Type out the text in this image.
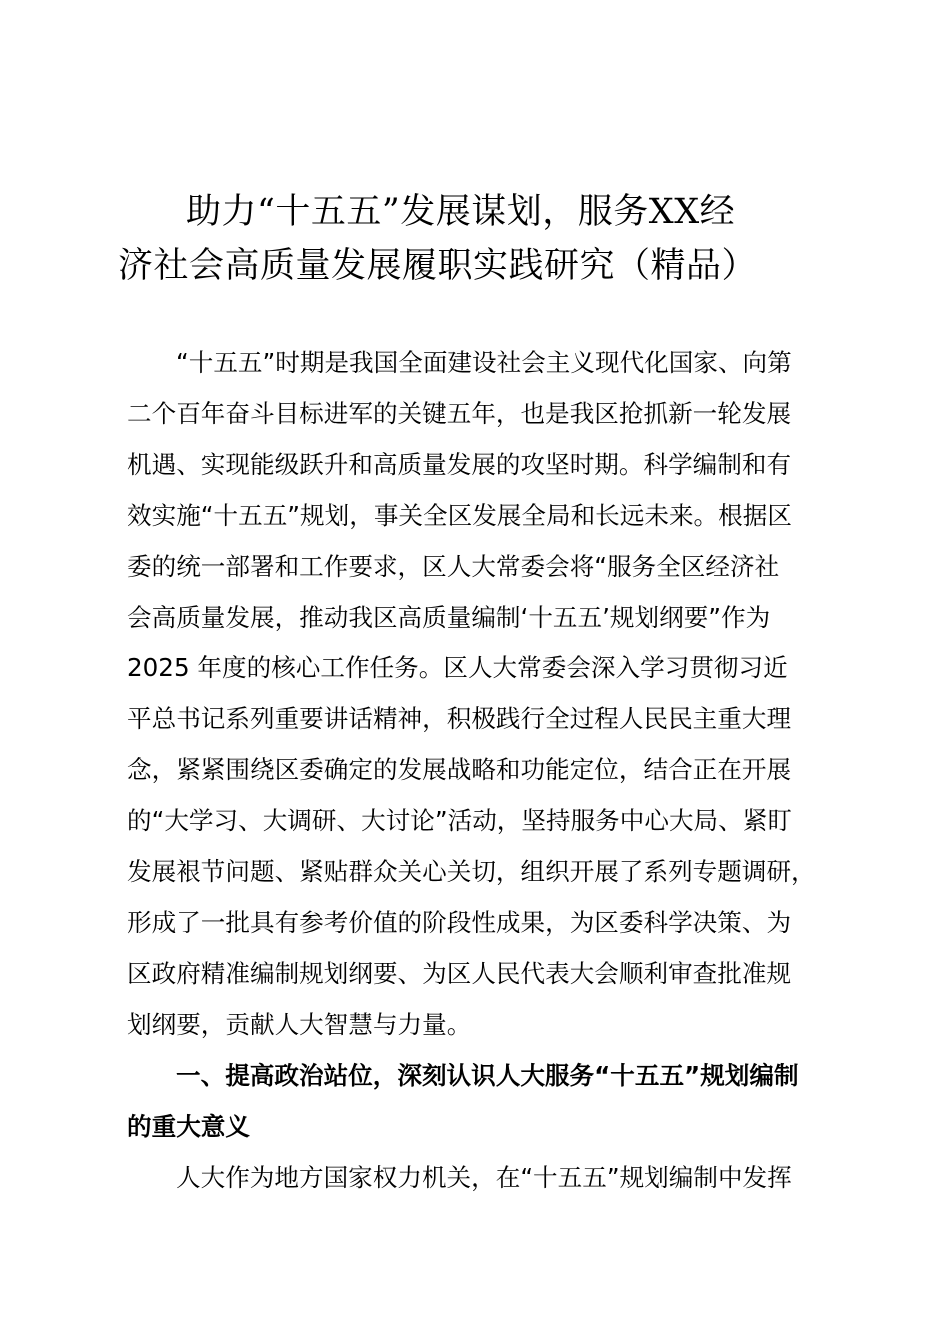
助力“十五五”发展谋划，服务XX经
济社会高质量发展履职实践研究（精品）

“十五五”时期是我国全面建设社会主义现代化国家、向第
二个百年奋斗目标进军的关键五年，也是我区抢抓新一轮发展
机遇、实现能级跃升和高质量发展的攻坚时期。科学编制和有
效实施“十五五”规划，事关全区发展全局和长远未来。根据区
委的统一部署和工作要求，区人大常委会将“服务全区经济社
会高质量发展，推动我区高质量编制‘十五五’规划纲要”作为
2025 年度的核心工作任务。区人大常委会深入学习贯彻习近
平总书记系列重要讲话精神，积极践行全过程人民民主重大理
念，紧紧围绕区委确定的发展战略和功能定位，结合正在开展
的“大学习、大调研、大讨论”活动，坚持服务中心大局、紧盯
发展裉节问题、紧贴群众关心关切，组织开展了系列专题调研，
形成了一批具有参考价值的阶段性成果，为区委科学决策、为
区政府精准编制规划纲要、为区人民代表大会顺利审查批准规
划纲要，贡献人大智慧与力量。

一、提高政治站位，深刻认识人大服务“十五五”规划编制
的重大意义

人大作为地方国家权力机关，在“十五五”规划编制中发挥
